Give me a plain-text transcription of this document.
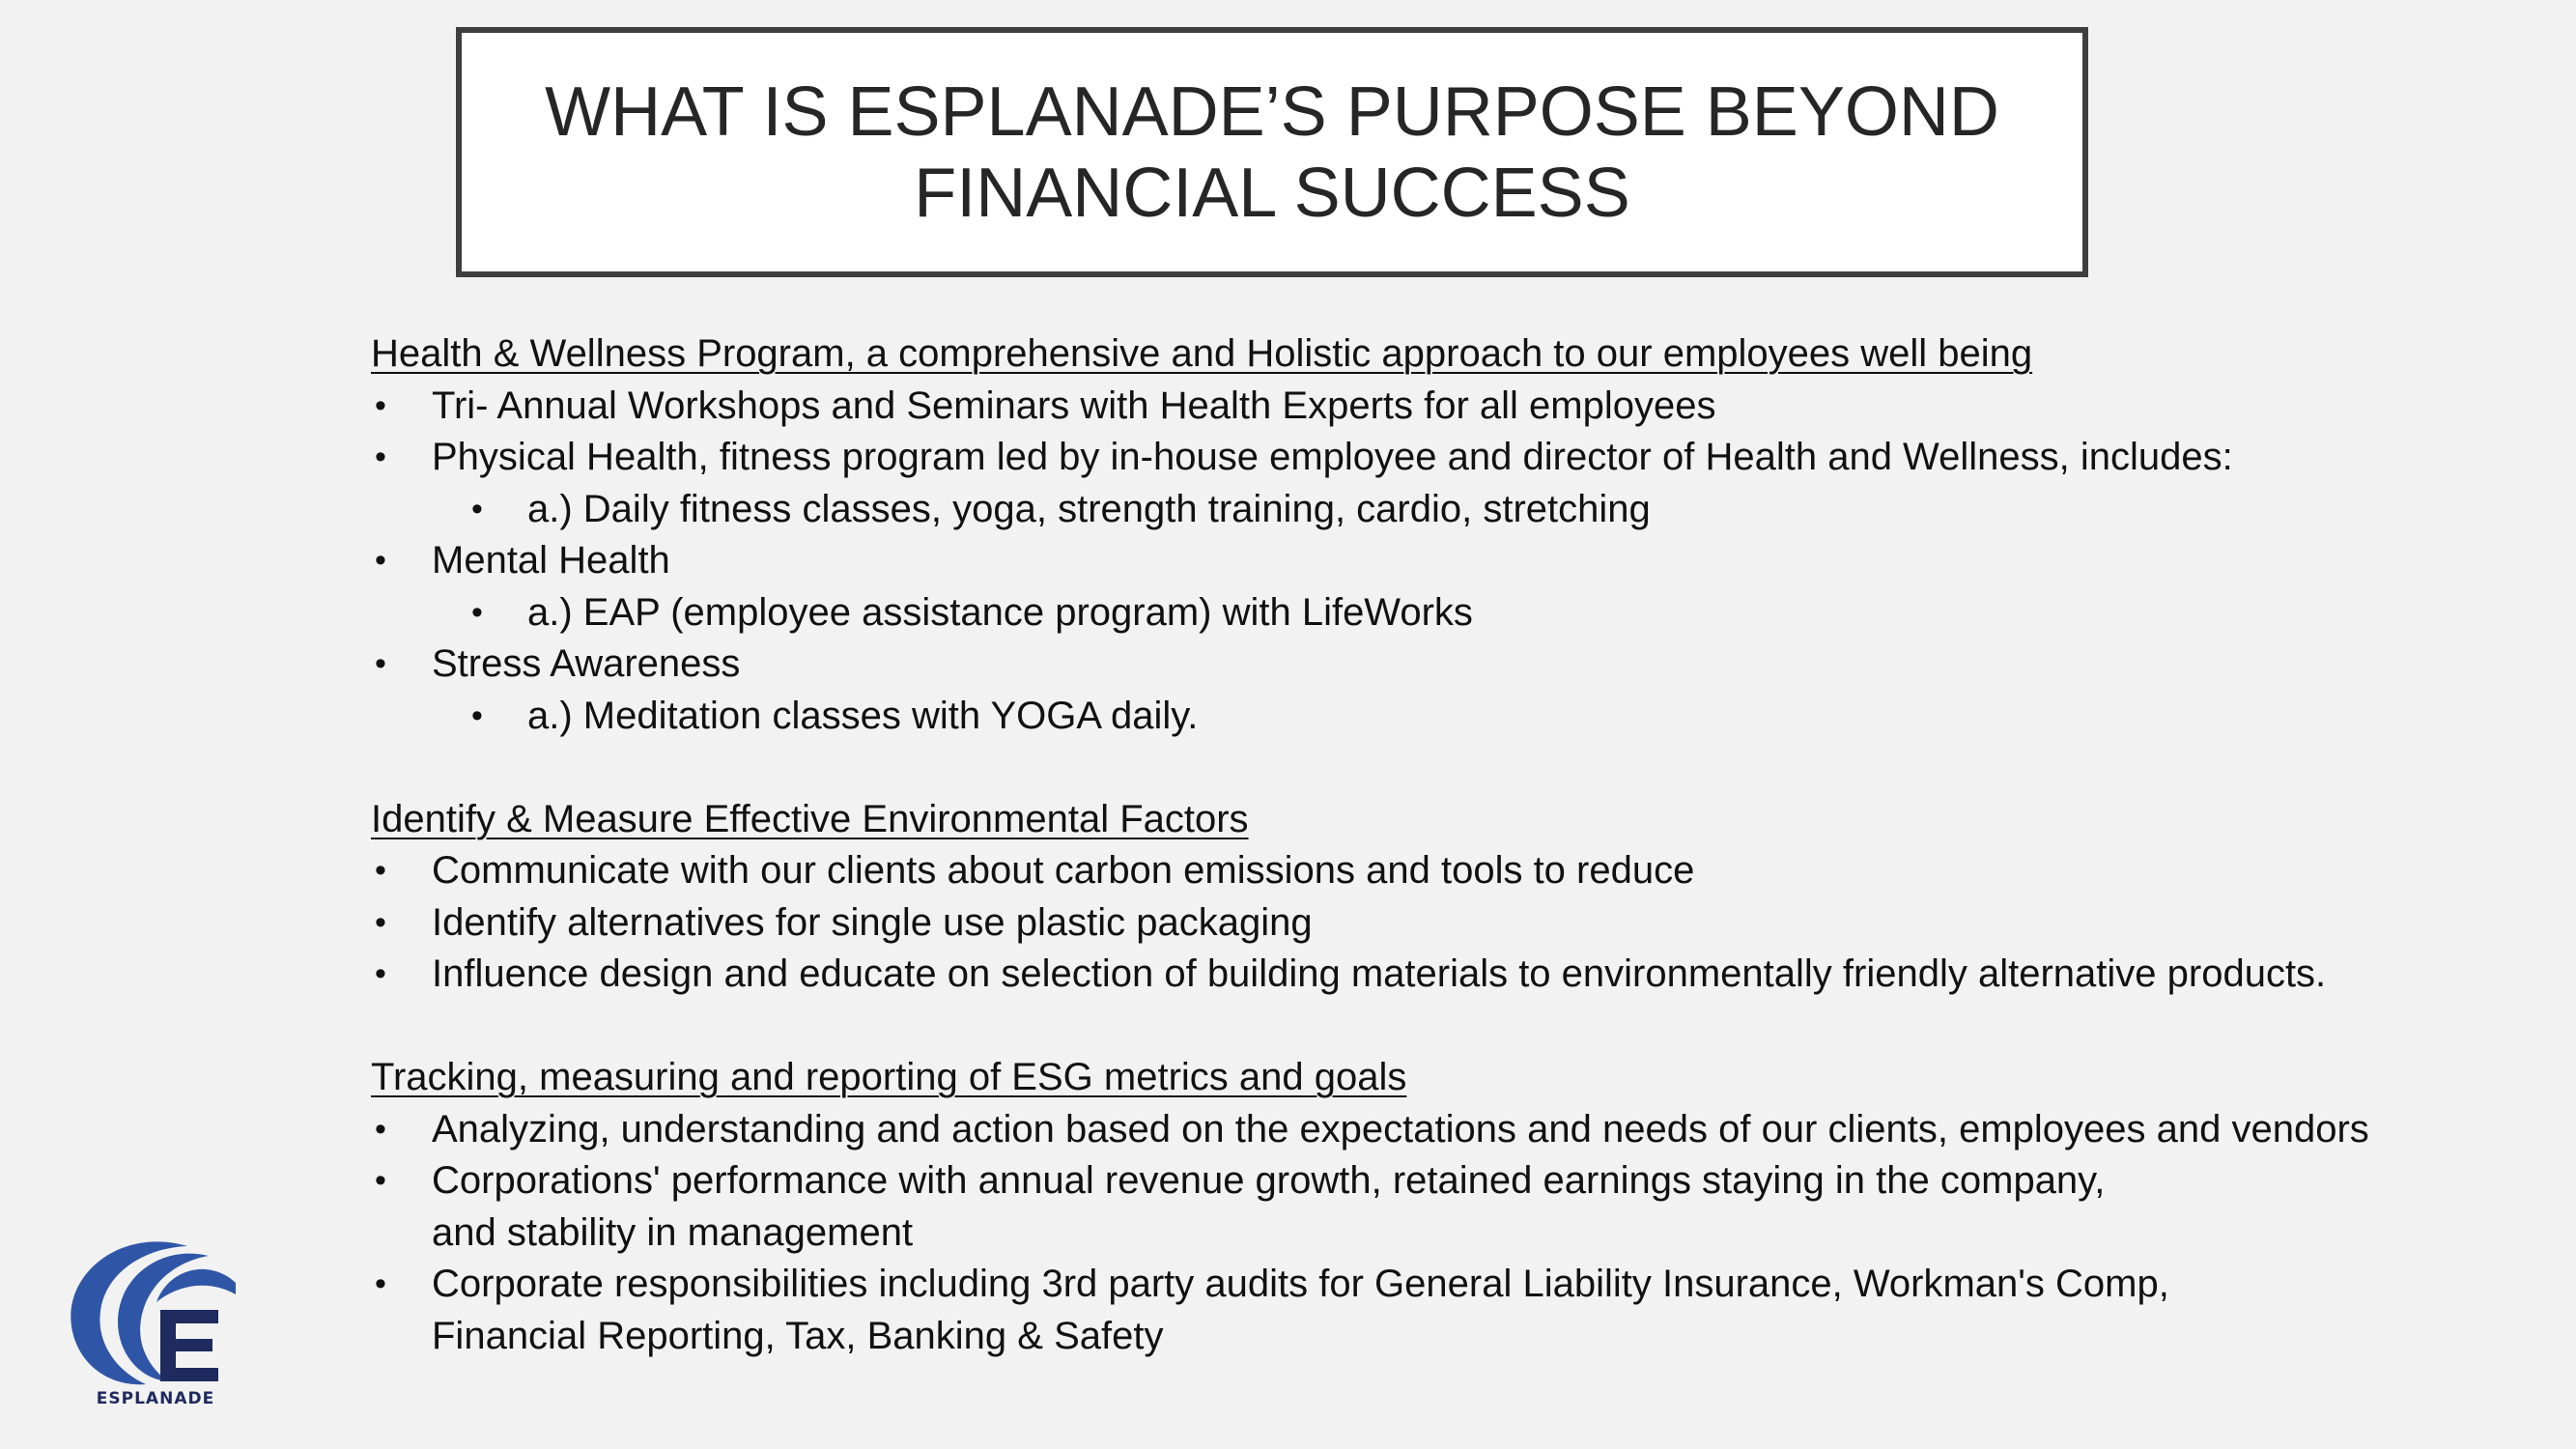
WHAT IS ESPLANADE’S PURPOSE BEYOND
FINANCIAL SUCCESS
Health & Wellness Program, a comprehensive and Holistic approach to our employees well being
• Tri- Annual Workshops and Seminars with Health Experts for all employees
• Physical Health, fitness program led by in-house employee and director of Health and Wellness, includes:
• a.) Daily fitness classes, yoga, strength training, cardio, stretching
• Mental Health
• a.) EAP (employee assistance program) with LifeWorks
• Stress Awareness
• a.) Meditation classes with YOGA daily.
Identify & Measure Effective Environmental Factors
• Communicate with our clients about carbon emissions and tools to reduce
• Identify alternatives for single use plastic packaging
• Influence design and educate on selection of building materials to environmentally friendly alternative products.
Tracking, measuring and reporting of ESG metrics and goals
• Analyzing, understanding and action based on the expectations and needs of our clients, employees and vendors
• Corporations' performance with annual revenue growth, retained earnings staying in the company,
and stability in management
• Corporate responsibilities including 3rd party audits for General Liability Insurance, Workman's Comp,
Financial Reporting, Tax, Banking & Safety
ESPLANADE
